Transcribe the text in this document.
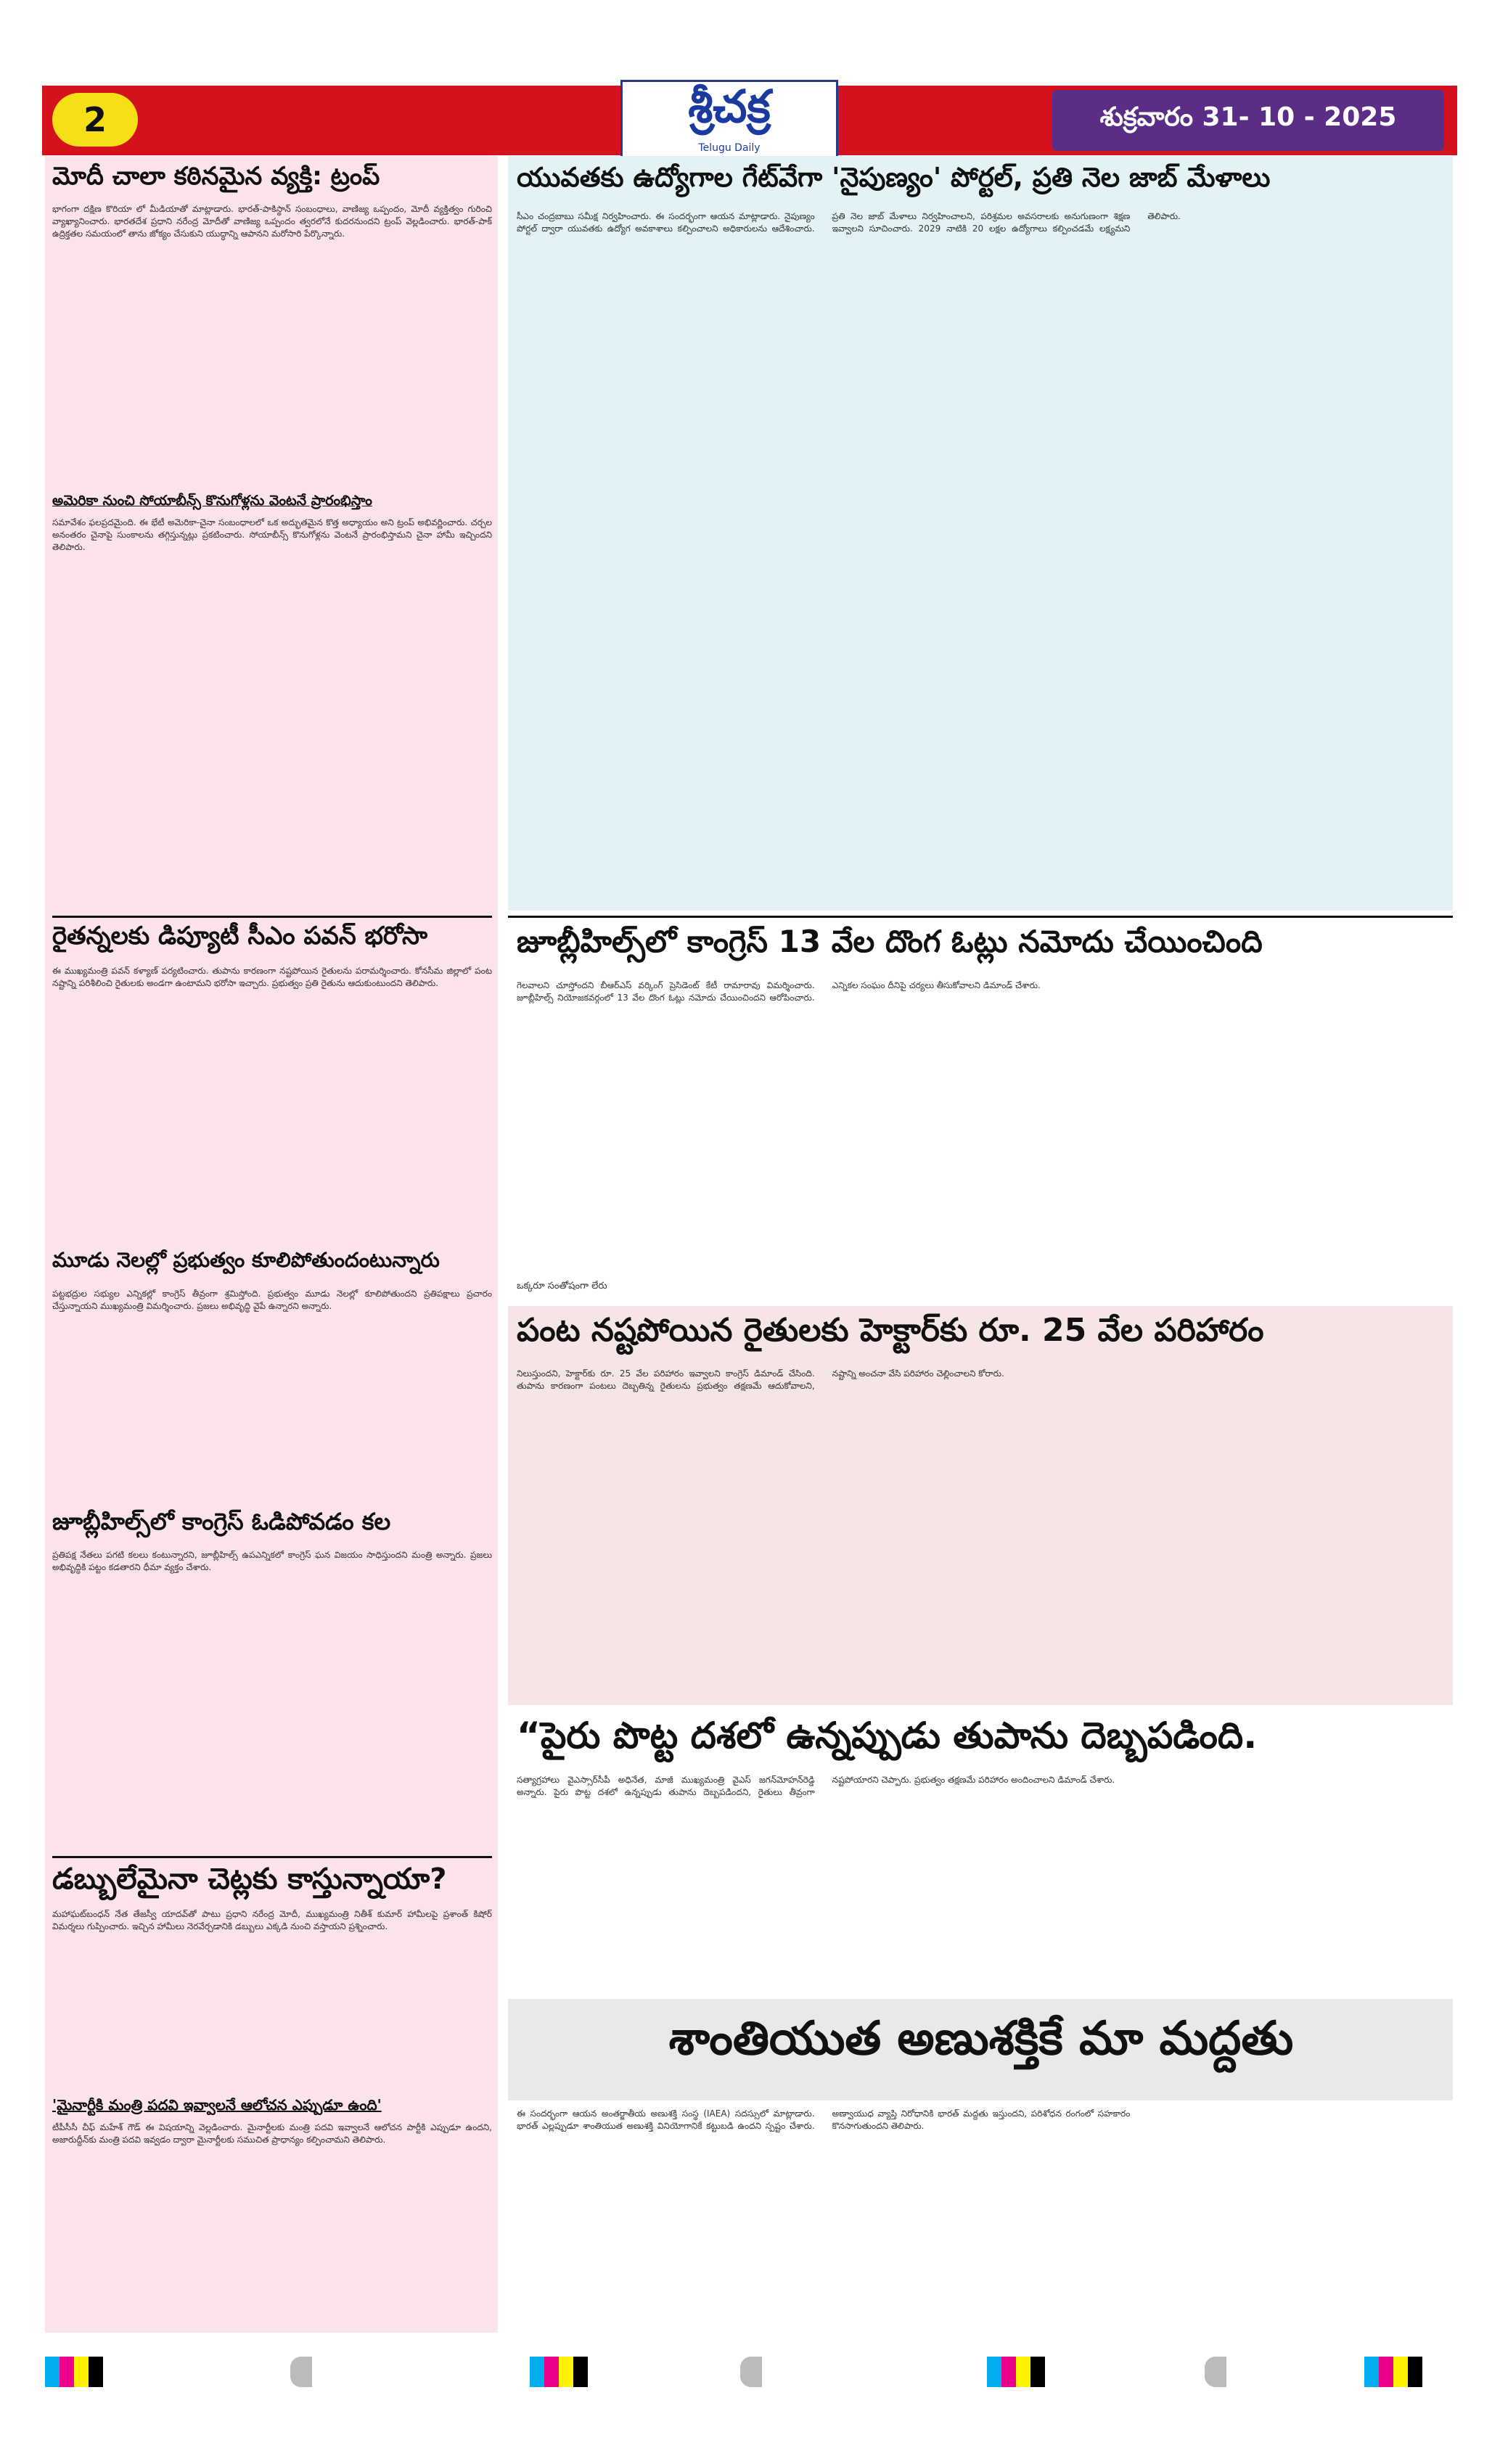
2	శ్రీచక్ర
Telugu Daily
శుక్రవారం 31- 10 - 2025
మోదీ చాలా కఠినమైన వ్యక్తి: ట్రంప్
భాగంగా దక్షిణ కొరియా లో మీడియాతో మాట్లాడారు. భారత్-పాకిస్థాన్ సంబంధాలు, వాణిజ్య ఒప్పందం, మోదీ వ్యక్తిత్వం గురించి వ్యాఖ్యానించారు. భారతదేశ ప్రధాని నరేంద్ర మోదీతో వాణిజ్య ఒప్పందం త్వరలోనే కుదరనుందని ట్రంప్ వెల్లడించారు. భారత్-పాక్ ఉద్రిక్తతల సమయంలో తాను జోక్యం చేసుకుని యుద్ధాన్ని ఆపానని మరోసారి పేర్కొన్నారు.
అమెరికా నుంచి సోయాబీన్స్ కొనుగోళ్లను వెంటనే ప్రారంభిస్తాం
సమావేశం ఫలప్రదమైంది. ఈ భేటీ అమెరికా-చైనా సంబంధాలలో ఒక అద్భుతమైన కొత్త అధ్యాయం అని ట్రంప్ అభివర్ణించారు. చర్చల అనంతరం చైనాపై సుంకాలను తగ్గిస్తున్నట్లు ప్రకటించారు. సోయాబీన్స్ కొనుగోళ్లను వెంటనే ప్రారంభిస్తామని చైనా హామీ ఇచ్చిందని తెలిపారు.
రైతన్నలకు డిప్యూటీ సీఎం పవన్ భరోసా
ఈ ముఖ్యమంత్రి పవన్ కళ్యాణ్ పర్యటించారు. తుపాను కారణంగా నష్టపోయిన రైతులను పరామర్శించారు. కోనసీమ జిల్లాలో పంట నష్టాన్ని పరిశీలించి రైతులకు అండగా ఉంటామని భరోసా ఇచ్చారు. ప్రభుత్వం ప్రతి రైతును ఆదుకుంటుందని తెలిపారు.
మూడు నెలల్లో ప్రభుత్వం కూలిపోతుందంటున్నారు
పట్టభద్రుల సభ్యుల ఎన్నికల్లో కాంగ్రెస్ తీవ్రంగా శ్రమిస్తోంది. ప్రభుత్వం మూడు నెలల్లో కూలిపోతుందని ప్రతిపక్షాలు ప్రచారం చేస్తున్నాయని ముఖ్యమంత్రి విమర్శించారు. ప్రజలు అభివృద్ధి వైపే ఉన్నారని అన్నారు.
జూబ్లీహిల్స్‌లో కాంగ్రెస్ ఓడిపోవడం కల
ప్రతిపక్ష నేతలు పగటి కలలు కంటున్నారని, జూబ్లీహిల్స్ ఉపఎన్నికలో కాంగ్రెస్ ఘన విజయం సాధిస్తుందని మంత్రి అన్నారు. ప్రజలు అభివృద్ధికి పట్టం కడతారని ధీమా వ్యక్తం చేశారు.
డబ్బులేమైనా చెట్లకు కాస్తున్నాయా?
మహాఘట్‌బంధన్ నేత తేజస్వీ యాదవ్‌తో పాటు ప్రధాని నరేంద్ర మోదీ, ముఖ్యమంత్రి నితీశ్ కుమార్ హామీలపై ప్రశాంత్ కిషోర్ విమర్శలు గుప్పించారు. ఇచ్చిన హామీలు నెరవేర్చడానికి డబ్బులు ఎక్కడి నుంచి వస్తాయని ప్రశ్నించారు.
'మైనార్టీకి మంత్రి పదవి ఇవ్వాలనే ఆలోచన ఎప్పుడూ ఉంది'
టీపీసీసీ చీఫ్ మహేశ్ గౌడ్ ఈ విషయాన్ని వెల్లడించారు. మైనార్టీలకు మంత్రి పదవి ఇవ్వాలనే ఆలోచన పార్టీకి ఎప్పుడూ ఉందని, అజారుద్దీన్‌కు మంత్రి పదవి ఇవ్వడం ద్వారా మైనార్టీలకు సముచిత ప్రాధాన్యం కల్పించామని తెలిపారు.
యువతకు ఉద్యోగాల గేట్‌వేగా 'నైపుణ్యం' పోర్టల్, ప్రతి నెల జాబ్ మేళాలు
సీఎం చంద్రబాబు సమీక్ష నిర్వహించారు. ఈ సందర్భంగా ఆయన మాట్లాడారు. నైపుణ్యం పోర్టల్ ద్వారా యువతకు ఉద్యోగ అవకాశాలు కల్పించాలని అధికారులను ఆదేశించారు. ప్రతి నెల జాబ్ మేళాలు నిర్వహించాలని, పరిశ్రమల అవసరాలకు అనుగుణంగా శిక్షణ ఇవ్వాలని సూచించారు. 2029 నాటికి 20 లక్షల ఉద్యోగాలు కల్పించడమే లక్ష్యమని తెలిపారు.
జూబ్లీహిల్స్‌లో కాంగ్రెస్ 13 వేల దొంగ ఓట్లు నమోదు చేయించింది
గెలవాలని చూస్తోందని బీఆర్ఎస్ వర్కింగ్ ప్రెసిడెంట్ కేటీ రామారావు విమర్శించారు. జూబ్లీహిల్స్ నియోజకవర్గంలో 13 వేల దొంగ ఓట్లు నమోదు చేయించిందని ఆరోపించారు. ఎన్నికల సంఘం దీనిపై చర్యలు తీసుకోవాలని డిమాండ్ చేశారు.
ఒక్కరూ సంతోషంగా లేరు
పంట నష్టపోయిన రైతులకు హెక్టార్‌కు రూ. 25 వేల పరిహారం
నిలుస్తుందని, హెక్టార్‌కు రూ. 25 వేల పరిహారం ఇవ్వాలని కాంగ్రెస్ డిమాండ్ చేసింది. తుపాను కారణంగా పంటలు దెబ్బతిన్న రైతులను ప్రభుత్వం తక్షణమే ఆదుకోవాలని, నష్టాన్ని అంచనా వేసి పరిహారం చెల్లించాలని కోరారు.
“పైరు పొట్ట దశలో ఉన్నప్పుడు తుపాను దెబ్బపడింది.
సత్యాగ్రహాలు వైఎస్సార్‌సీపీ అధినేత, మాజీ ముఖ్యమంత్రి వైఎస్ జగన్‌మోహన్‌రెడ్డి అన్నారు. పైరు పొట్ట దశలో ఉన్నప్పుడు తుపాను దెబ్బపడిందని, రైతులు తీవ్రంగా నష్టపోయారని చెప్పారు. ప్రభుత్వం తక్షణమే పరిహారం అందించాలని డిమాండ్ చేశారు.
శాంతియుత అణుశక్తికే మా మద్దతు
ఈ సందర్భంగా ఆయన అంతర్జాతీయ అణుశక్తి సంస్థ (IAEA) సదస్సులో మాట్లాడారు. భారత్ ఎల్లప్పుడూ శాంతియుత అణుశక్తి వినియోగానికే కట్టుబడి ఉందని స్పష్టం చేశారు. అణ్వాయుధ వ్యాప్తి నిరోధానికి భారత్ మద్దతు ఇస్తుందని, పరిశోధన రంగంలో సహకారం కొనసాగుతుందని తెలిపారు.
